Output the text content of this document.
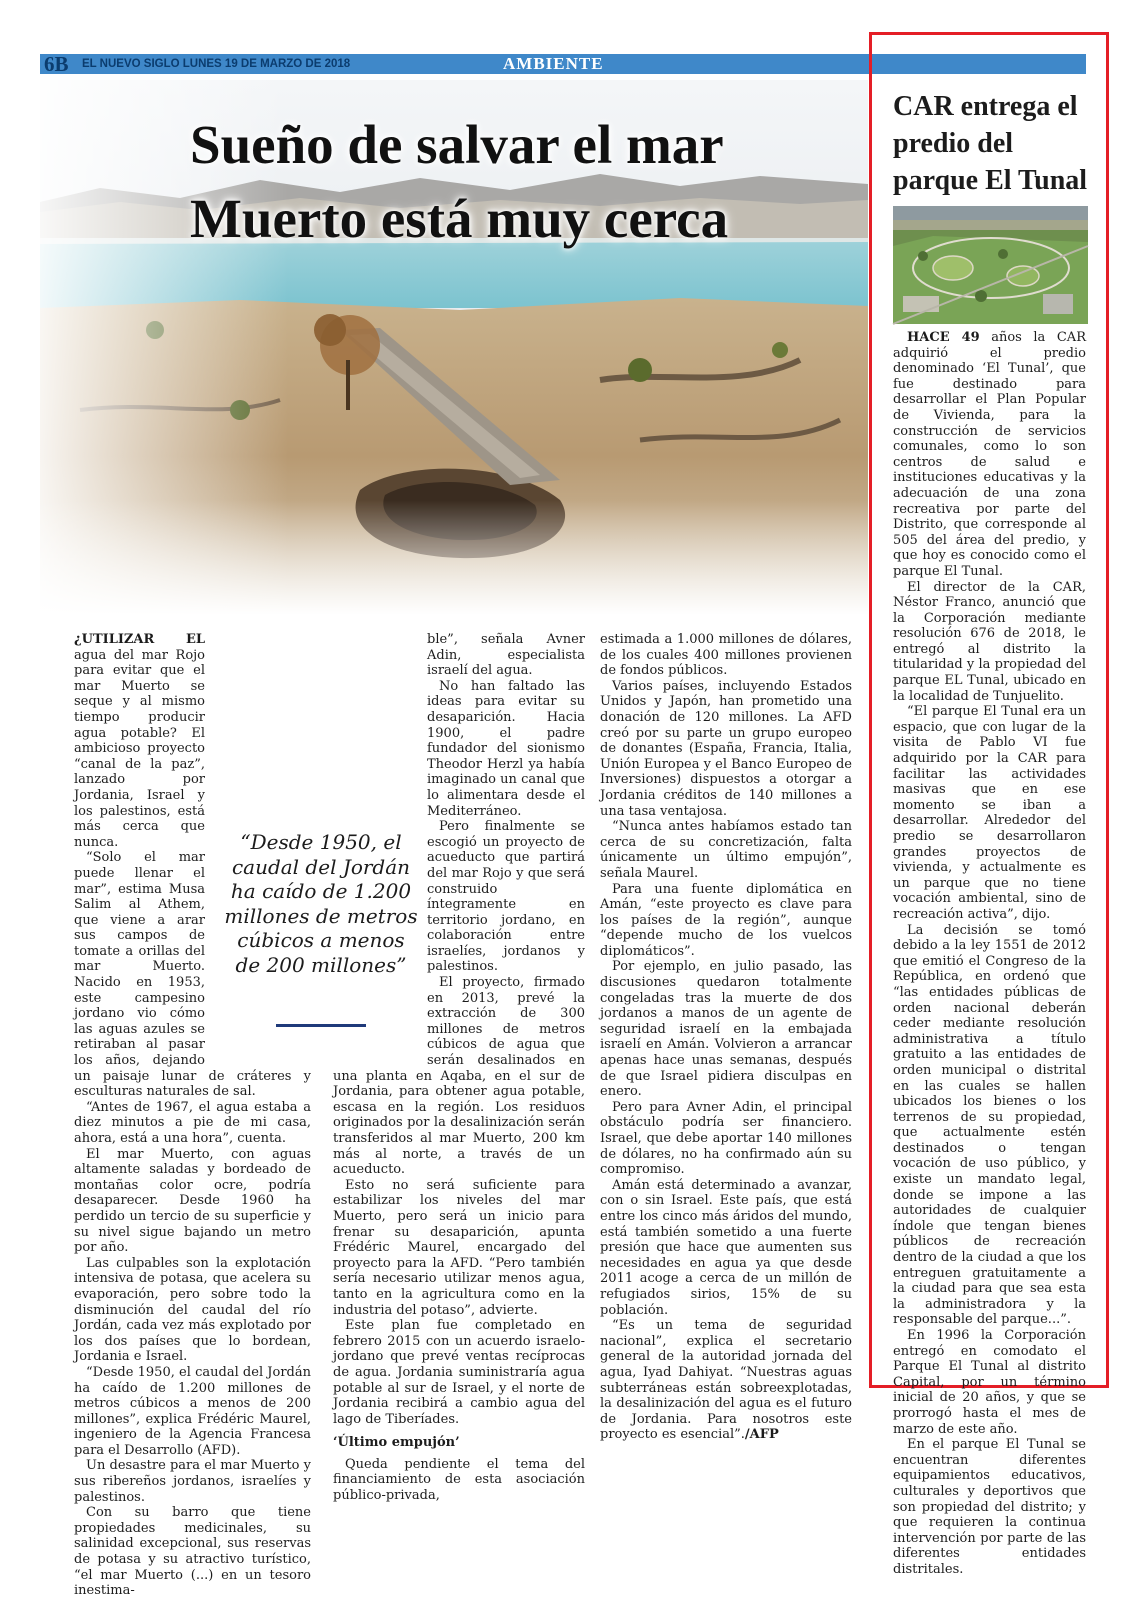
6B EL NUEVO SIGLO LUNES 19 DE MARZO DE 2018	AMBIENTE
Sueño de salvar el mar
Muerto está muy cerca

¿UTILIZAR EL agua del mar Rojo para evitar que el mar Muerto se seque y al mismo tiempo producir agua potable? El ambicioso proyecto “canal de la paz”, lanzado por Jordania, Israel y los palestinos, está más cerca que nunca.

“Solo el mar puede llenar el mar”, estima Musa Salim al Athem, que viene a arar sus campos de tomate a orillas del mar Muerto. Nacido en 1953, este campesino jordano vio cómo las aguas azules se retiraban al pasar los años, dejando un paisaje lunar de cráteres y esculturas naturales de sal.

“Antes de 1967, el agua estaba a diez minutos a pie de mi casa, ahora, está a una hora”, cuenta.

El mar Muerto, con aguas altamente saladas y bordeado de montañas color ocre, podría desaparecer. Desde 1960 ha perdido un tercio de su superficie y su nivel sigue bajando un metro por año.

Las culpables son la explotación intensiva de potasa, que acelera su evaporación, pero sobre todo la disminución del caudal del río Jordán, cada vez más explotado por los dos países que lo bordean, Jordania e Israel.

“Desde 1950, el caudal del Jordán ha caído de 1.200 millones de metros cúbicos a menos de 200 millones”, explica Frédéric Maurel, ingeniero de la Agencia Francesa para el Desarrollo (AFD).

Un desastre para el mar Muerto y sus ribereños jordanos, israelíes y palestinos.

Con su barro que tiene propiedades medicinales, su salinidad excepcional, sus reservas de potasa y su atractivo turístico, “el mar Muerto (...) en un tesoro inestima-

ble”, señala Avner Adin, especialista israelí del agua.

No han faltado las ideas para evitar su desaparición. Hacia 1900, el padre fundador del sionismo Theodor Herzl ya había imaginado un canal que lo alimentara desde el Mediterráneo.

Pero finalmente se escogió un proyecto de acueducto que partirá del mar Rojo y que será construido íntegramente en territorio jordano, en colaboración entre israelíes, jordanos y palestinos.

El proyecto, firmado en 2013, prevé la extracción de 300 millones de metros cúbicos de agua que serán desalinados en una planta en Aqaba, en el sur de Jordania, para obtener agua potable, escasa en la región. Los residuos originados por la desalinización serán transferidos al mar Muerto, 200 km más al norte, a través de un acueducto.

Esto no será suficiente para estabilizar los niveles del mar Muerto, pero será un inicio para frenar su desaparición, apunta Frédéric Maurel, encargado del proyecto para la AFD. “Pero también sería necesario utilizar menos agua, tanto en la agricultura como en la industria del potaso”, advierte.

Este plan fue completado en febrero 2015 con un acuerdo israelo-jordano que prevé ventas recíprocas de agua. Jordania suministraría agua potable al sur de Israel, y el norte de Jordania recibirá a cambio agua del lago de Tiberíades.

‘Último empujón’

Queda pendiente el tema del financiamiento de esta asociación público-privada,

estimada a 1.000 millones de dólares, de los cuales 400 millones provienen de fondos públicos.

Varios países, incluyendo Estados Unidos y Japón, han prometido una donación de 120 millones. La AFD creó por su parte un grupo europeo de donantes (España, Francia, Italia, Unión Europea y el Banco Europeo de Inversiones) dispuestos a otorgar a Jordania créditos de 140 millones a una tasa ventajosa.

“Nunca antes habíamos estado tan cerca de su concretización, falta únicamente un último empujón”, señala Maurel.

Para una fuente diplomática en Amán, “este proyecto es clave para los países de la región”, aunque “depende mucho de los vuelcos diplomáticos”.

Por ejemplo, en julio pasado, las discusiones quedaron totalmente congeladas tras la muerte de dos jordanos a manos de un agente de seguridad israelí en la embajada israelí en Amán. Volvieron a arrancar apenas hace unas semanas, después de que Israel pidiera disculpas en enero.

Pero para Avner Adin, el principal obstáculo podría ser financiero. Israel, que debe aportar 140 millones de dólares, no ha confirmado aún su compromiso.

Amán está determinado a avanzar, con o sin Israel. Este país, que está entre los cinco más áridos del mundo, está también sometido a una fuerte presión que hace que aumenten sus necesidades en agua ya que desde 2011 acoge a cerca de un millón de refugiados sirios, 15% de su población.

“Es un tema de seguridad nacional”, explica el secretario general de la autoridad jornada del agua, Iyad Dahiyat. “Nuestras aguas subterráneas están sobreexplotadas, la desalinización del agua es el futuro de Jordania. Para nosotros este proyecto es esencial”./AFP

“Desde 1950, el caudal del Jordán ha caído de 1.200 millones de metros cúbicos a menos de 200 millones”
CAR entrega el predio del parque El Tunal

HACE 49 años la CAR adquirió el predio denominado ‘El Tunal’, que fue destinado para desarrollar el Plan Popular de Vivienda, para la construcción de servicios comunales, como lo son centros de salud e instituciones educativas y la adecuación de una zona recreativa por parte del Distrito, que corresponde al 505 del área del predio, y que hoy es conocido como el parque El Tunal.

El director de la CAR, Néstor Franco, anunció que la Corporación mediante resolución 676 de 2018, le entregó al distrito la titularidad y la propiedad del parque EL Tunal, ubicado en la localidad de Tunjuelito.

“El parque El Tunal era un espacio, que con lugar de la visita de Pablo VI fue adquirido por la CAR para facilitar las actividades masivas que en ese momento se iban a desarrollar. Alrededor del predio se desarrollaron grandes proyectos de vivienda, y actualmente es un parque que no tiene vocación ambiental, sino de recreación activa”, dijo.

La decisión se tomó debido a la ley 1551 de 2012 que emitió el Congreso de la República, en ordenó que “las entidades públicas de orden nacional deberán ceder mediante resolución administrativa a título gratuito a las entidades de orden municipal o distrital en las cuales se hallen ubicados los bienes o los terrenos de su propiedad, que actualmente estén destinados o tengan vocación de uso público, y existe un mandato legal, donde se impone a las autoridades de cualquier índole que tengan bienes públicos de recreación dentro de la ciudad a que los entreguen gratuitamente a la ciudad para que sea esta la administradora y la responsable del parque...”.

En 1996 la Corporación entregó en comodato el Parque El Tunal al distrito Capital, por un término inicial de 20 años, y que se prorrogó hasta el mes de marzo de este año.

En el parque El Tunal se encuentran diferentes equipamientos educativos, culturales y deportivos que son propiedad del distrito; y que requieren la continua intervención por parte de las diferentes entidades distritales.
